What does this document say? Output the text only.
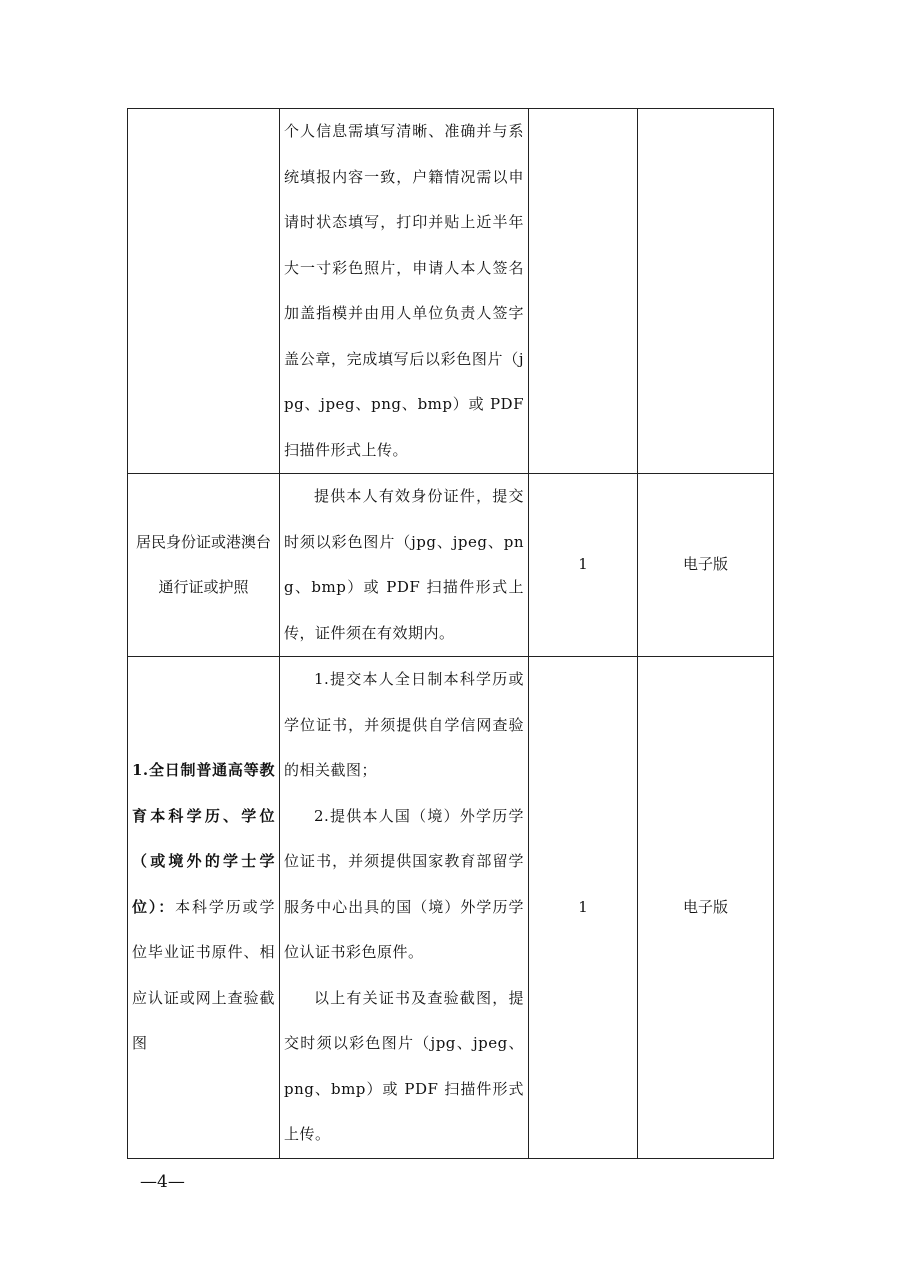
	个人信息需填写清晰、准确并与系统填报内容一致，户籍情况需以申请时状态填写，打印并贴上近半年大一寸彩色照片，申请人本人签名加盖指模并由用人单位负责人签字盖公章，完成填写后以彩色图片（jpg、jpeg、png、bmp）或 PDF 扫描件形式上传。		
居民身份证或港澳台通行证或护照	提供本人有效身份证件，提交时须以彩色图片（jpg、jpeg、png、bmp）或 PDF 扫描件形式上传，证件须在有效期内。	1	电子版
1.全日制普通高等教育本科学历、学位（或境外的学士学位）：本科学历或学位毕业证书原件、相应认证或网上查验截图	1.提交本人全日制本科学历或学位证书，并须提供自学信网查验的相关截图；
2.提供本人国（境）外学历学位证书，并须提供国家教育部留学服务中心出具的国（境）外学历学位认证书彩色原件。
以上有关证书及查验截图，提交时须以彩色图片（jpg、jpeg、png、bmp）或 PDF 扫描件形式上传。	1	电子版
—4—
